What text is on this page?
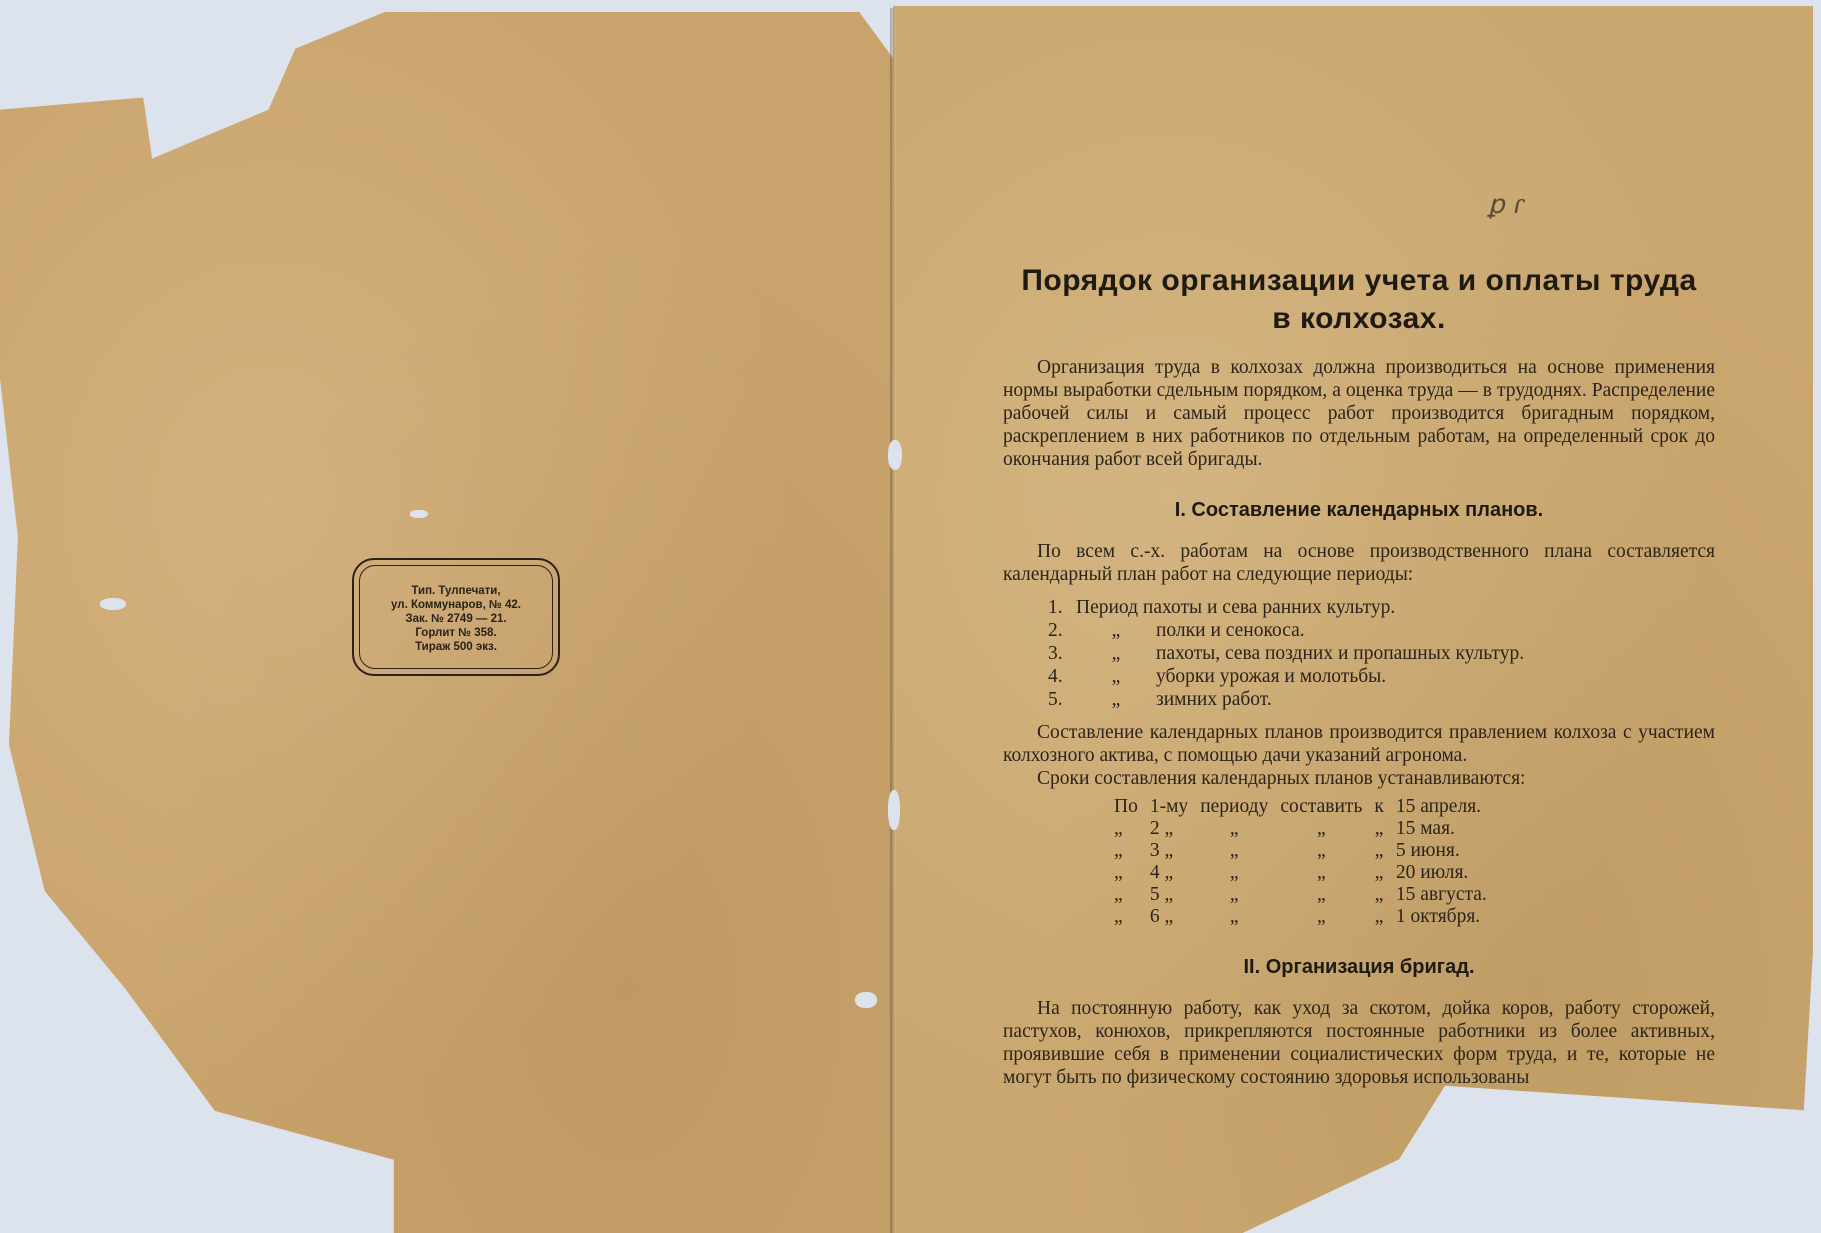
Тип. Тулпечати,
ул. Коммунаров, № 42.
Зак. № 2749 — 21.
Горлит № 358.
Тираж 500 экз.
ꝑ ɾ
Порядок организации учета и оплаты труда
в колхозах.

Организация труда в колхозах должна производиться на основе применения нормы выработки сдельным порядком, а оценка труда — в трудоднях. Распределение рабочей силы и самый процесс работ производится бригадным порядком, раскреплением в них работников по отдельным работам, на определенный срок до окончания работ всей бригады.

I. Составление календарных планов.

По всем с.-х. работам на основе производственного плана составляется календарный план работ на следующие периоды:

1. Период пахоты и сева ранних культур.
2.	„	полки и сенокоса.
3.	„	пахоты, сева поздних и пропашных культур.
4.	„	уборки урожая и молотьбы.
5.	„	зимних работ.

Составление календарных планов производится правлением колхоза с участием колхозного актива, с помощью дачи указаний агронома.

Сроки составления календарных планов устанавливаются:

По	1-му	периоду	составить	к	15 апреля.
„	2 „	„	„	„	15 мая.
„	3 „	„	„	„	5 июня.
„	4 „	„	„	„	20 июля.
„	5 „	„	„	„	15 августа.
„	6 „	„	„	„	1 октября.
II. Организация бригад.

На постоянную работу, как уход за скотом, дойка коров, работу сторожей, пастухов, конюхов, прикрепляются постоянные работники из более активных, проявившие себя в применении социалистических форм труда, и те, которые не могут быть по физическому состоянию здоровья использованы
